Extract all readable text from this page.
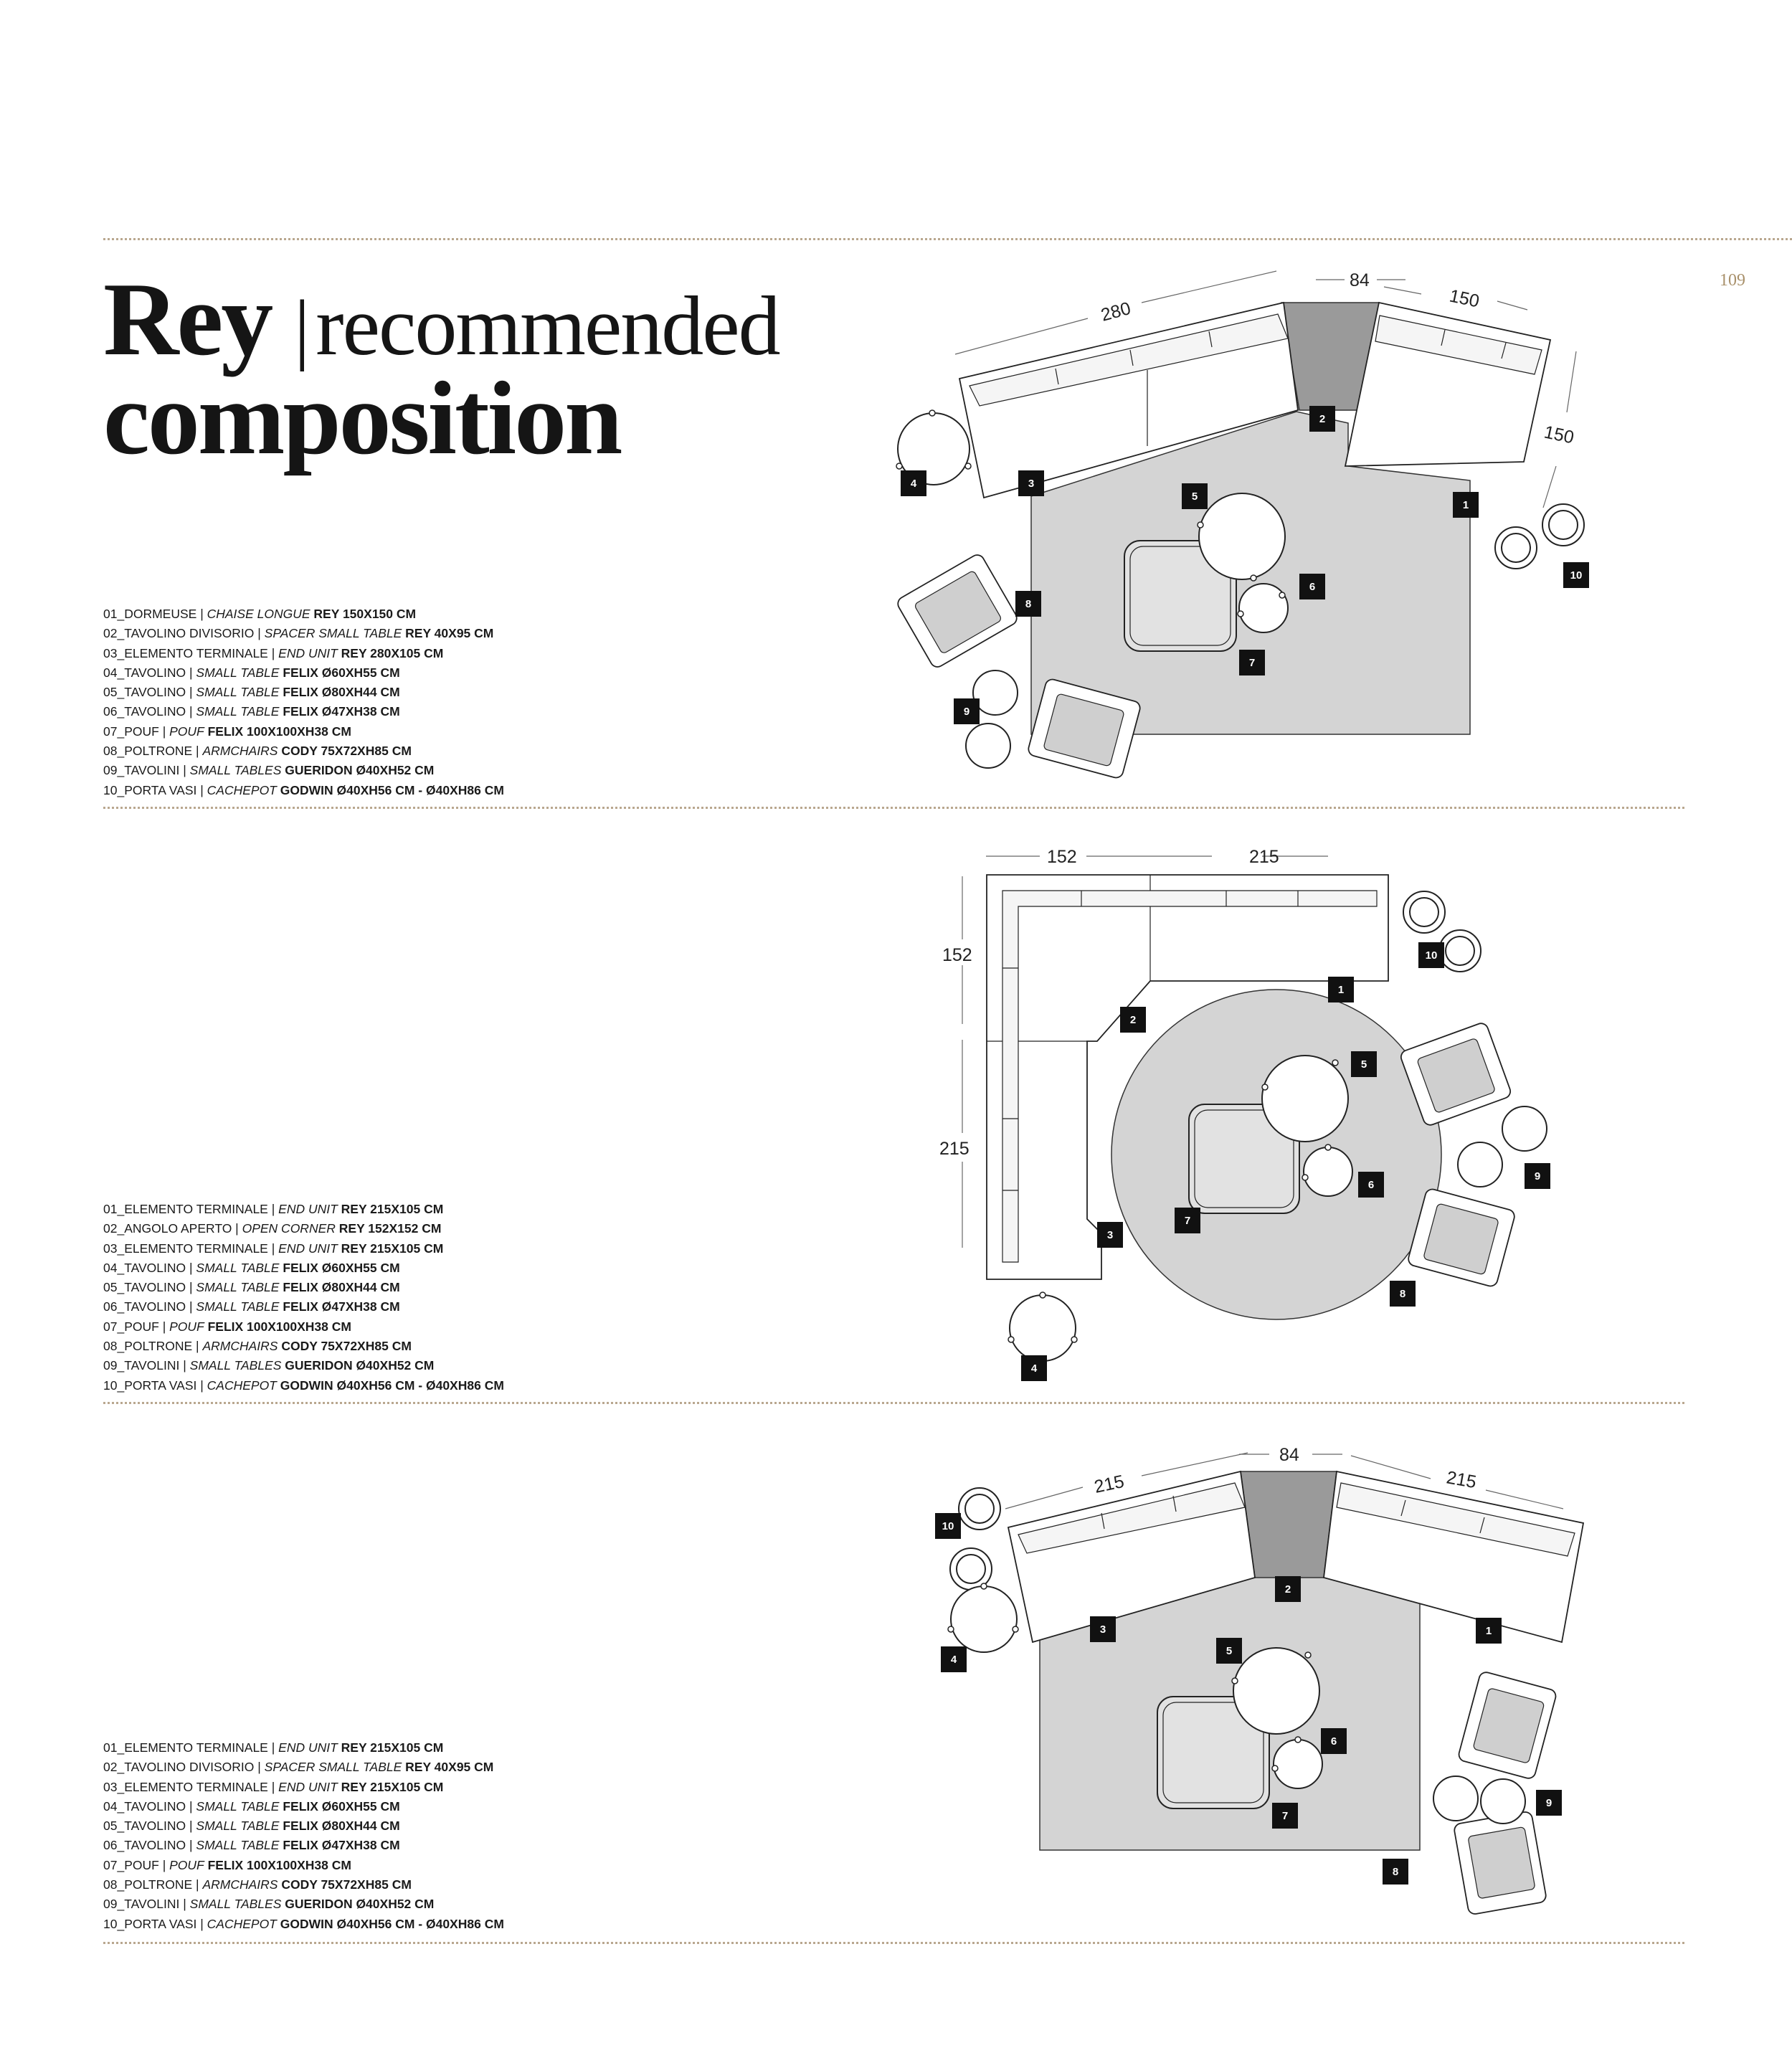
109
Rey |recommended
composition
01_DORMEUSE | CHAISE LONGUE REY 150X150 CM
02_TAVOLINO DIVISORIO | SPACER SMALL TABLE REY 40X95 CM
03_ELEMENTO TERMINALE | END UNIT REY 280X105 CM
04_TAVOLINO | SMALL TABLE FELIX Ø60XH55 CM
05_TAVOLINO | SMALL TABLE FELIX Ø80XH44 CM
06_TAVOLINO | SMALL TABLE FELIX Ø47XH38 CM
07_POUF | POUF FELIX 100X100XH38 CM
08_POLTRONE | ARMCHAIRS CODY 75X72XH85 CM
09_TAVOLINI | SMALL TABLES GUERIDON Ø40XH52 CM
10_PORTA VASI | CACHEPOT GODWIN Ø40XH56 CM - Ø40XH86 CM
01_ELEMENTO TERMINALE | END UNIT REY 215X105 CM
02_ANGOLO APERTO | OPEN CORNER REY 152X152 CM
03_ELEMENTO TERMINALE | END UNIT REY 215X105 CM
04_TAVOLINO | SMALL TABLE FELIX Ø60XH55 CM
05_TAVOLINO | SMALL TABLE FELIX Ø80XH44 CM
06_TAVOLINO | SMALL TABLE FELIX Ø47XH38 CM
07_POUF | POUF FELIX 100X100XH38 CM
08_POLTRONE | ARMCHAIRS CODY 75X72XH85 CM
09_TAVOLINI | SMALL TABLES GUERIDON Ø40XH52 CM
10_PORTA VASI | CACHEPOT GODWIN Ø40XH56 CM - Ø40XH86 CM
01_ELEMENTO TERMINALE | END UNIT REY 215X105 CM
02_TAVOLINO DIVISORIO | SPACER SMALL TABLE REY 40X95 CM
03_ELEMENTO TERMINALE | END UNIT REY 215X105 CM
04_TAVOLINO | SMALL TABLE FELIX Ø60XH55 CM
05_TAVOLINO | SMALL TABLE FELIX Ø80XH44 CM
06_TAVOLINO | SMALL TABLE FELIX Ø47XH38 CM
07_POUF | POUF FELIX 100X100XH38 CM
08_POLTRONE | ARMCHAIRS CODY 75X72XH85 CM
09_TAVOLINI | SMALL TABLES GUERIDON Ø40XH52 CM
10_PORTA VASI | CACHEPOT GODWIN Ø40XH56 CM - Ø40XH86 CM
280
84
150
150
1
2
3
4
5
6
7
8
9
10
152	215
152
215
1
2
3
4
5
6
7
8
9
10
215
84
215
1
2
3
4
5
6
7
8
9
10
